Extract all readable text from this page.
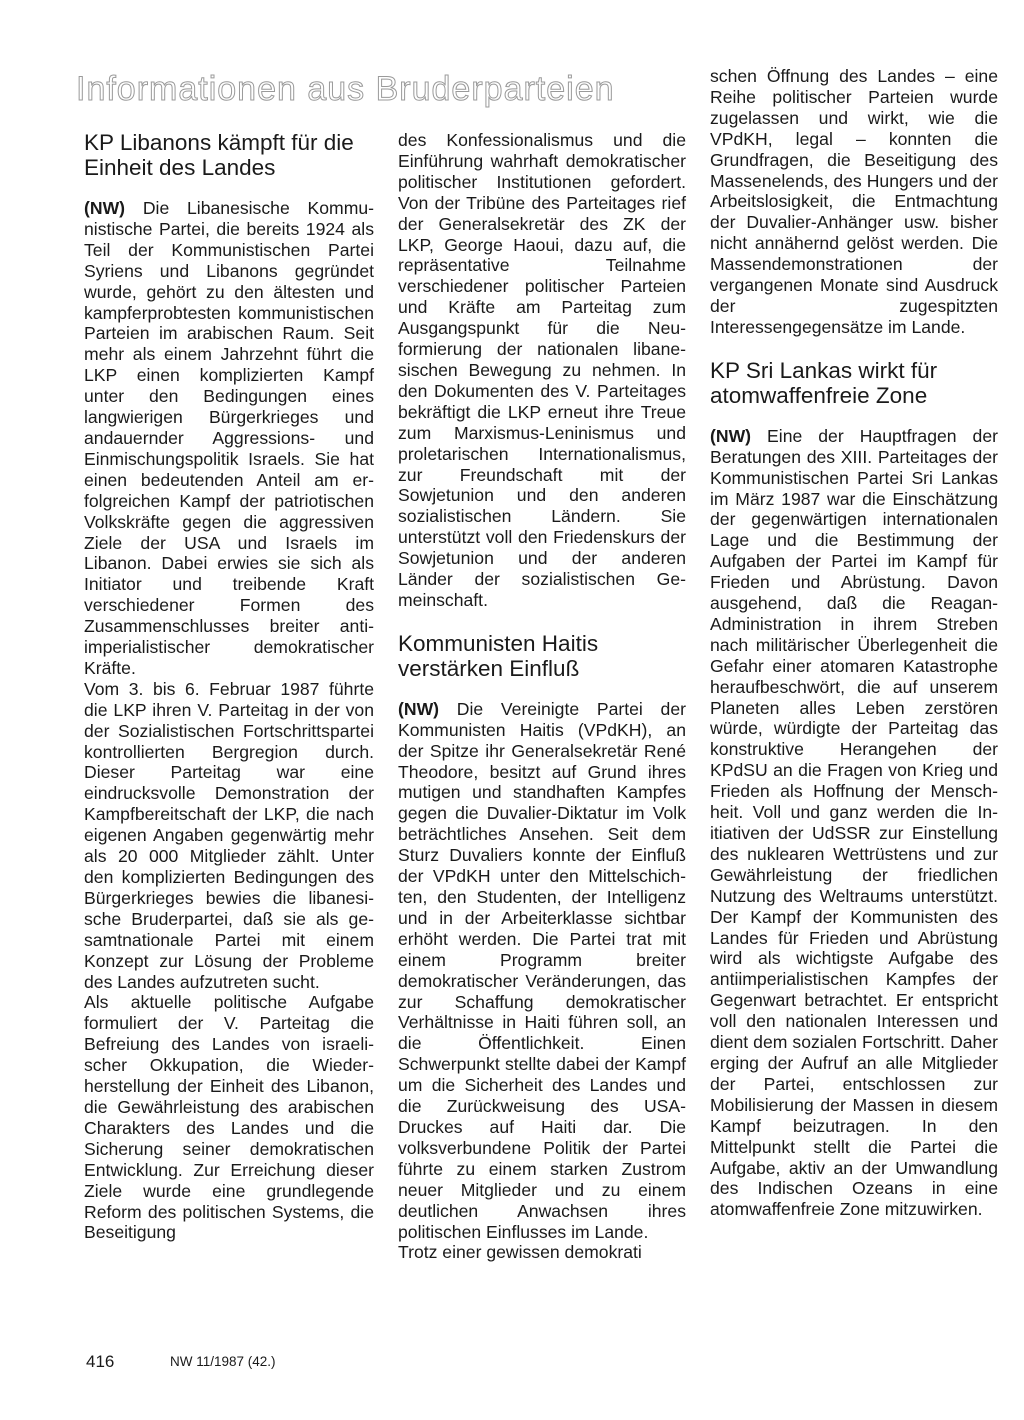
Informationen aus Bruderparteien
KP Libanons kämpft für die Einheit des Landes

(NW) Die Libanesische Kommunistische Partei, die bereits 1924 als Teil der Kommunistischen Partei Syriens und Libanons gegründet wurde, gehört zu den ältesten und kampferprobtesten kommunistischen Parteien im arabischen Raum. Seit mehr als einem Jahrzehnt führt die LKP einen komplizierten Kampf unter den Bedingungen eines langwierigen Bürgerkrieges und andauernder Aggressions- und Einmischungspolitik Israels. Sie hat einen bedeutenden Anteil am erfolgreichen Kampf der patriotischen Volkskräfte gegen die aggressiven Ziele der USA und Israels im Libanon. Dabei erwies sie sich als Initiator und treibende Kraft verschiedener Formen des Zusammenschlusses breiter antiimperialistischer demokratischer Kräfte.

Vom 3. bis 6. Februar 1987 führte die LKP ihren V. Parteitag in der von der Sozialistischen Fortschrittspartei kontrollierten Bergregion durch. Dieser Parteitag war eine eindrucksvolle Demonstration der Kampfbereitschaft der LKP, die nach eigenen Angaben gegenwärtig mehr als 20 000 Mitglieder zählt. Unter den komplizierten Bedingungen des Bürgerkrieges bewies die libanesische Bruderpartei, daß sie als gesamtnationale Partei mit einem Konzept zur Lösung der Probleme des Landes aufzutreten sucht.

Als aktuelle politische Aufgabe formuliert der V. Parteitag die Befreiung des Landes von israelischer Okkupation, die Wiederherstellung der Einheit des Libanon, die Gewährleistung des arabischen Charakters des Landes und die Sicherung seiner demokratischen Entwicklung. Zur Erreichung dieser Ziele wurde eine grundlegende Reform des politischen Systems, die Beseitigung

des Konfessionalismus und die Einführung wahrhaft demokratischer politischer Institutionen gefordert. Von der Tribüne des Parteitages rief der Generalsekretär des ZK der LKP, George Haoui, dazu auf, die repräsentative Teilnahme verschiedener politischer Parteien und Kräfte am Parteitag zum Ausgangspunkt für die Neuformierung der nationalen libanesischen Bewegung zu nehmen. In den Dokumenten des V. Parteitages bekräftigt die LKP erneut ihre Treue zum Marxismus-Leninismus und proletarischen Internationalismus, zur Freundschaft mit der Sowjetunion und den anderen sozialistischen Ländern. Sie unterstützt voll den Friedenskurs der Sowjetunion und der anderen Länder der sozialistischen Gemeinschaft.

Kommunisten Haitis verstärken Einfluß

(NW) Die Vereinigte Partei der Kommunisten Haitis (VPdKH), an der Spitze ihr Generalsekretär René Theodore, besitzt auf Grund ihres mutigen und standhaften Kampfes gegen die Duvalier-Diktatur im Volk beträchtliches Ansehen. Seit dem Sturz Duvaliers konnte der Einfluß der VPdKH unter den Mittelschichten, den Studenten, der Intelligenz und in der Arbeiterklasse sichtbar erhöht werden. Die Partei trat mit einem Programm breiter demokratischer Veränderungen, das zur Schaffung demokratischer Verhältnisse in Haiti führen soll, an die Öffentlichkeit. Einen Schwerpunkt stellte dabei der Kampf um die Sicherheit des Landes und die Zurückweisung des USA-Druckes auf Haiti dar. Die volksverbundene Politik der Partei führte zu einem starken Zustrom neuer Mitglieder und zu einem deutlichen Anwachsen ihres politischen Einflusses im Lande.

Trotz einer gewissen demokrati

schen Öffnung des Landes – eine Reihe politischer Parteien wurde zugelassen und wirkt, wie die VPdKH, legal – konnten die Grundfragen, die Beseitigung des Massenelends, des Hungers und der Arbeitslosigkeit, die Entmachtung der Duvalier-Anhänger usw. bisher nicht annähernd gelöst werden. Die Massendemonstrationen der vergangenen Monate sind Ausdruck der zugespitzten Interessengegensätze im Lande.

KP Sri Lankas wirkt für atomwaffenfreie Zone

(NW) Eine der Hauptfragen der Beratungen des XIII. Parteitages der Kommunistischen Partei Sri Lankas im März 1987 war die Einschätzung der gegenwärtigen internationalen Lage und die Bestimmung der Aufgaben der Partei im Kampf für Frieden und Abrüstung. Davon ausgehend, daß die Reagan-Administration in ihrem Streben nach militärischer Überlegenheit die Gefahr einer atomaren Katastrophe heraufbeschwört, die auf unserem Planeten alles Leben zerstören würde, würdigte der Parteitag das konstruktive Herangehen der KPdSU an die Fragen von Krieg und Frieden als Hoffnung der Menschheit. Voll und ganz werden die Initiativen der UdSSR zur Einstellung des nuklearen Wettrüstens und zur Gewährleistung der friedlichen Nutzung des Weltraums unterstützt. Der Kampf der Kommunisten des Landes für Frieden und Abrüstung wird als wichtigste Aufgabe des antiimperialistischen Kampfes der Gegenwart betrachtet. Er entspricht voll den nationalen Interessen und dient dem sozialen Fortschritt. Daher erging der Aufruf an alle Mitglieder der Partei, entschlossen zur Mobilisierung der Massen in diesem Kampf beizutragen. In den Mittelpunkt stellt die Partei die Aufgabe, aktiv an der Umwandlung des Indischen Ozeans in eine atomwaffenfreie Zone mitzuwirken.

416	NW 11/1987 (42.)
